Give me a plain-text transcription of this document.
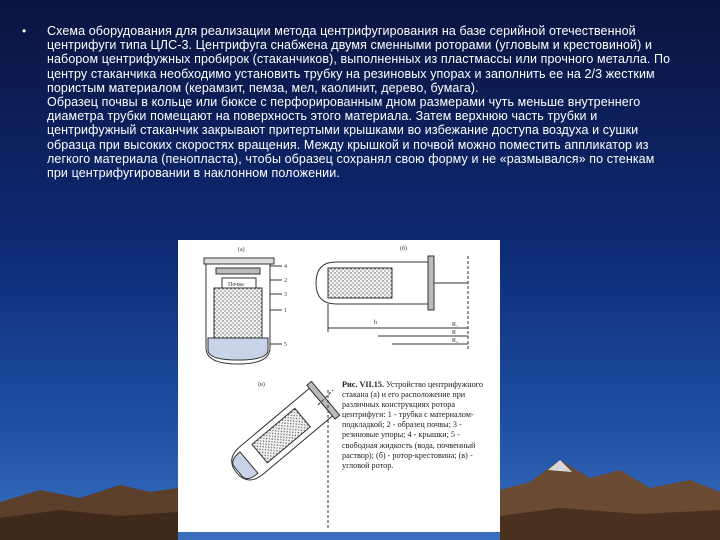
• Схема оборудования для реализации метода центрифугирования на базе серийной отечественной центрифуги типа ЦЛС-3. Центрифуга снабжена двумя сменными роторами (угловым и крестовиной) и набором центрифужных пробирок (стаканчиков), выполненных из пластмассы или прочного металла. По центру стаканчика необходимо установить трубку на резиновых упорах и заполнить ее на 2/3 жестким пористым материалом (керамзит, пемза, мел, каолинит, дерево, бумага).

Образец почвы в кольце или бюксе с перфорированным дном размерами чуть меньше внутреннего диаметра трубки помещают на поверхность этого материала. Затем верхнюю часть трубки и центрифужный стаканчик закрывают притертыми крышками во избежание доступа воздуха и сушки образца при высоких скоростях вращения. Между крышкой и почвой можно поместить аппликатор из легкого материала (пенопласта), чтобы образец сохранял свою форму и не «размывался» по стенкам при центрифугировании в наклонном положении.

(а)
Почва
4
2
3
1
5
(б)
R₁
R
R₂
h
(в)	Рис. VII.15. Устройство центрифужного стакана (а) и его расположение при различных конструкциях ротора центрифуги: 1 - трубка с материалом-подкладкой; 2 - образец почвы; 3 - резиновые упоры; 4 - крышки; 5 - свободная жидкость (вода, почвенный раствор); (б) - ротор-крестовина; (в) - угловой ротор.
